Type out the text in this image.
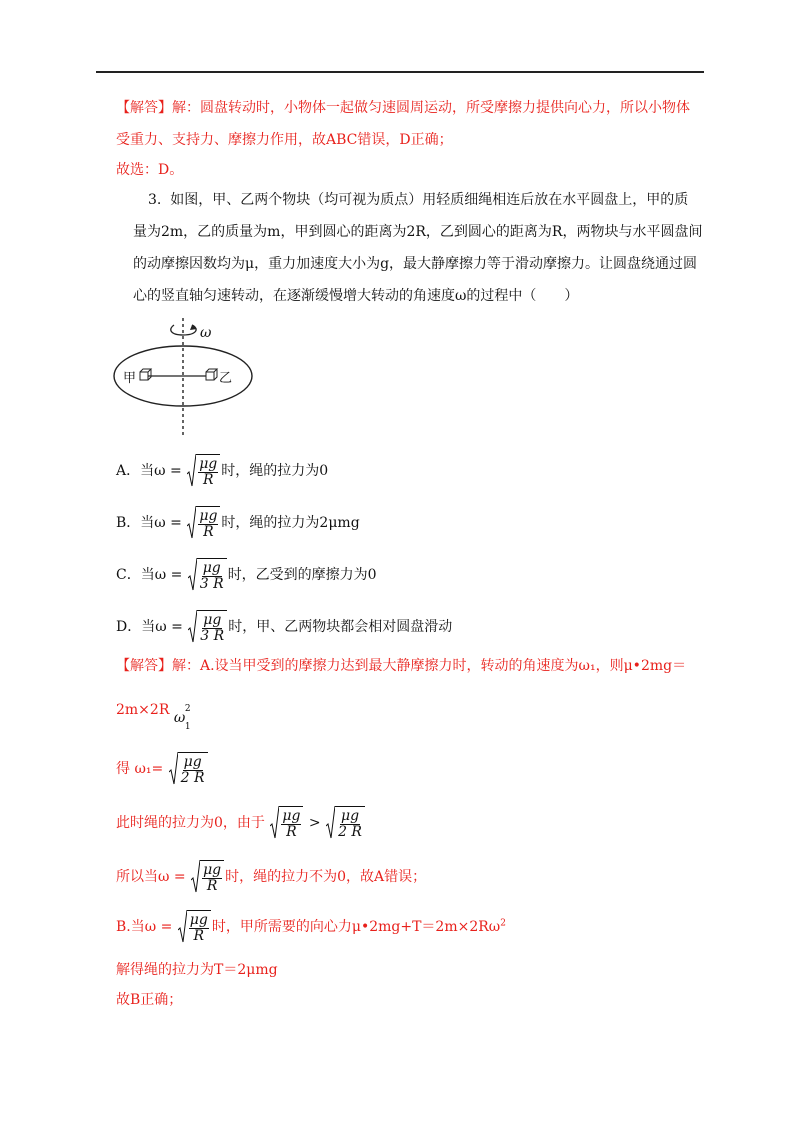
【解答】解：圆盘转动时，小物体一起做匀速圆周运动，所受摩擦力提供向心力，所以小物体
受重力、支持力、摩擦力作用，故ABC错误，D正确；
故选：D。
3. 如图，甲、乙两个物块（均可视为质点）用轻质细绳相连后放在水平圆盘上，甲的质
量为2m，乙的质量为m，甲到圆心的距离为2R，乙到圆心的距离为R，两物块与水平圆盘间
的动摩擦因数均为μ，重力加速度大小为g，最大静摩擦力等于滑动摩擦力。让圆盘绕通过圆
心的竖直轴匀速转动，在逐渐缓慢增大转动的角速度ω的过程中（　　）
ω
甲	乙
A．当$\omega = \frac{\mu g}{R}$ 时，绳的拉力为0
B．当$\omega = \frac{\mu g}{R}$ 时，绳的拉力为2μmg
C．当$\omega = \frac{\mu g}{3 R}$ 时，乙受到的摩擦力为0
D．当$\omega = \frac{\mu g}{3 R}$ 时，甲、乙两物块都会相对圆盘滑动
【解答】解：A.设当甲受到的摩擦力达到最大静摩擦力时，转动的角速度为ω₁，则μ•2mg＝
2m×2R ω
1
2
得 $\omega_1= \frac{\mu g}{2 R}$
此时绳的拉力为0，由于 $\frac{\mu g}{R} > \frac{\mu g}{2 R}$
所以当$\omega = \frac{\mu g}{R}$ 时，绳的拉力不为0，故A错误；
B.当$\omega = \frac{\mu g}{R}$ 时，甲所需要的向心力$\mu•2mg+T=2m\times 2R\omega^2$
解得绳的拉力为T＝2μmg
故B正确；
